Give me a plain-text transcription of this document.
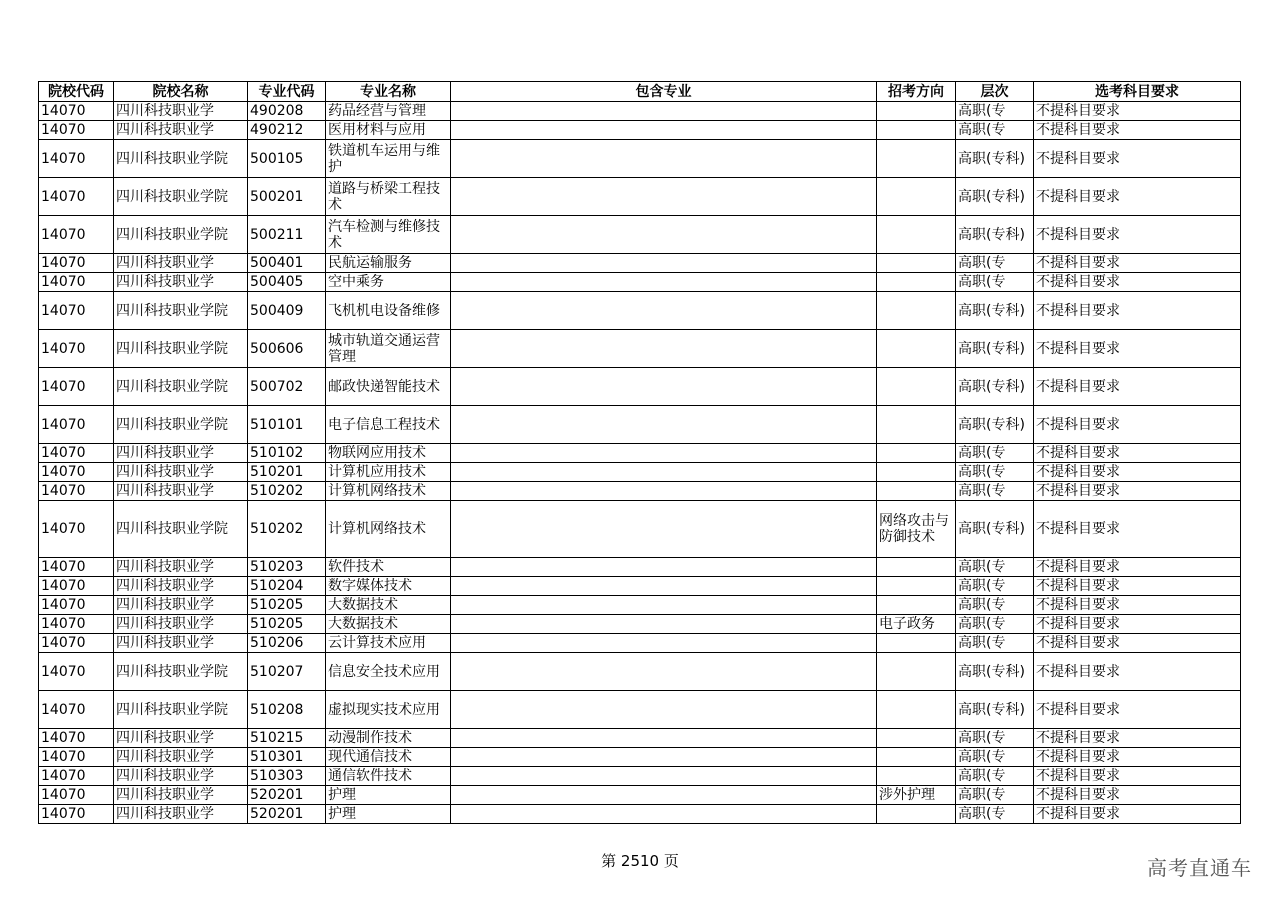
院校代码	院校名称	专业代码	专业名称	包含专业	招考方向	层次	选考科目要求

14070	四川科技职业学	490208	药品经营与管理			高职(专	不提科目要求

14070	四川科技职业学	490212	医用材料与应用			高职(专	不提科目要求

14070	四川科技职业学院	500105	铁道机车运用与维护			高职(专科)	不提科目要求
14070	四川科技职业学院	500201	道路与桥梁工程技术			高职(专科)	不提科目要求
14070	四川科技职业学院	500211	汽车检测与维修技术			高职(专科)	不提科目要求

14070	四川科技职业学	500401	民航运输服务			高职(专	不提科目要求

14070	四川科技职业学	500405	空中乘务			高职(专	不提科目要求

14070	四川科技职业学院	500409	飞机机电设备维修			高职(专科)	不提科目要求
14070	四川科技职业学院	500606	城市轨道交通运营管理			高职(专科)	不提科目要求
14070	四川科技职业学院	500702	邮政快递智能技术			高职(专科)	不提科目要求
14070	四川科技职业学院	510101	电子信息工程技术			高职(专科)	不提科目要求

14070	四川科技职业学	510102	物联网应用技术			高职(专	不提科目要求

14070	四川科技职业学	510201	计算机应用技术			高职(专	不提科目要求

14070	四川科技职业学	510202	计算机网络技术			高职(专	不提科目要求

14070	四川科技职业学院	510202	计算机网络技术		网络攻击与防御技术	高职(专科)	不提科目要求

14070	四川科技职业学	510203	软件技术			高职(专	不提科目要求

14070	四川科技职业学	510204	数字媒体技术			高职(专	不提科目要求

14070	四川科技职业学	510205	大数据技术			高职(专	不提科目要求

14070	四川科技职业学	510205	大数据技术		电子政务	高职(专	不提科目要求

14070	四川科技职业学	510206	云计算技术应用			高职(专	不提科目要求

14070	四川科技职业学院	510207	信息安全技术应用			高职(专科)	不提科目要求
14070	四川科技职业学院	510208	虚拟现实技术应用			高职(专科)	不提科目要求

14070	四川科技职业学	510215	动漫制作技术			高职(专	不提科目要求

14070	四川科技职业学	510301	现代通信技术			高职(专	不提科目要求

14070	四川科技职业学	510303	通信软件技术			高职(专	不提科目要求

14070	四川科技职业学	520201	护理		涉外护理	高职(专	不提科目要求

14070	四川科技职业学	520201	护理			高职(专	不提科目要求
第 2510 页	高考直通车
